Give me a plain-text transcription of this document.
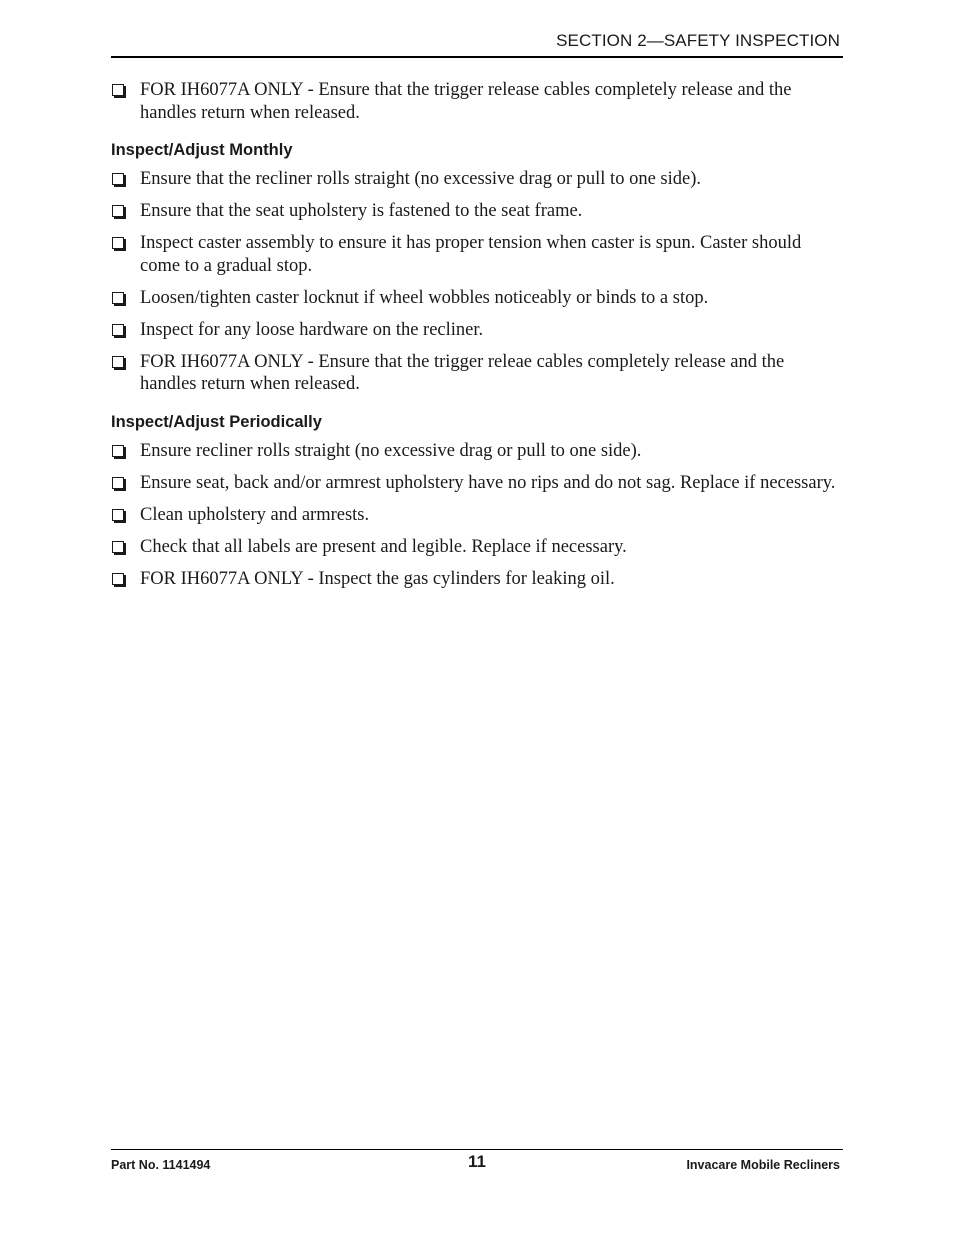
SECTION 2—SAFETY INSPECTION
FOR IH6077A ONLY - Ensure that the trigger release cables completely release and the handles return when released.
Inspect/Adjust Monthly
Ensure that the recliner rolls straight (no excessive drag or pull to one side).
Ensure that the seat upholstery is fastened to the seat frame.
Inspect caster assembly to ensure it has proper tension when caster is spun. Caster should come to a gradual stop.
Loosen/tighten caster locknut if wheel wobbles noticeably or binds to a stop.
Inspect for any loose hardware on the recliner.
FOR IH6077A ONLY - Ensure that the trigger releae cables completely release and the handles return when released.
Inspect/Adjust Periodically
Ensure recliner rolls straight (no excessive drag or pull to one side).
Ensure seat, back and/or armrest upholstery have no rips and do not sag. Replace if necessary.
Clean upholstery and armrests.
Check that all labels are present and legible. Replace if necessary.
FOR IH6077A ONLY - Inspect the gas cylinders for leaking oil.
Part No. 1141494	11	Invacare Mobile Recliners
